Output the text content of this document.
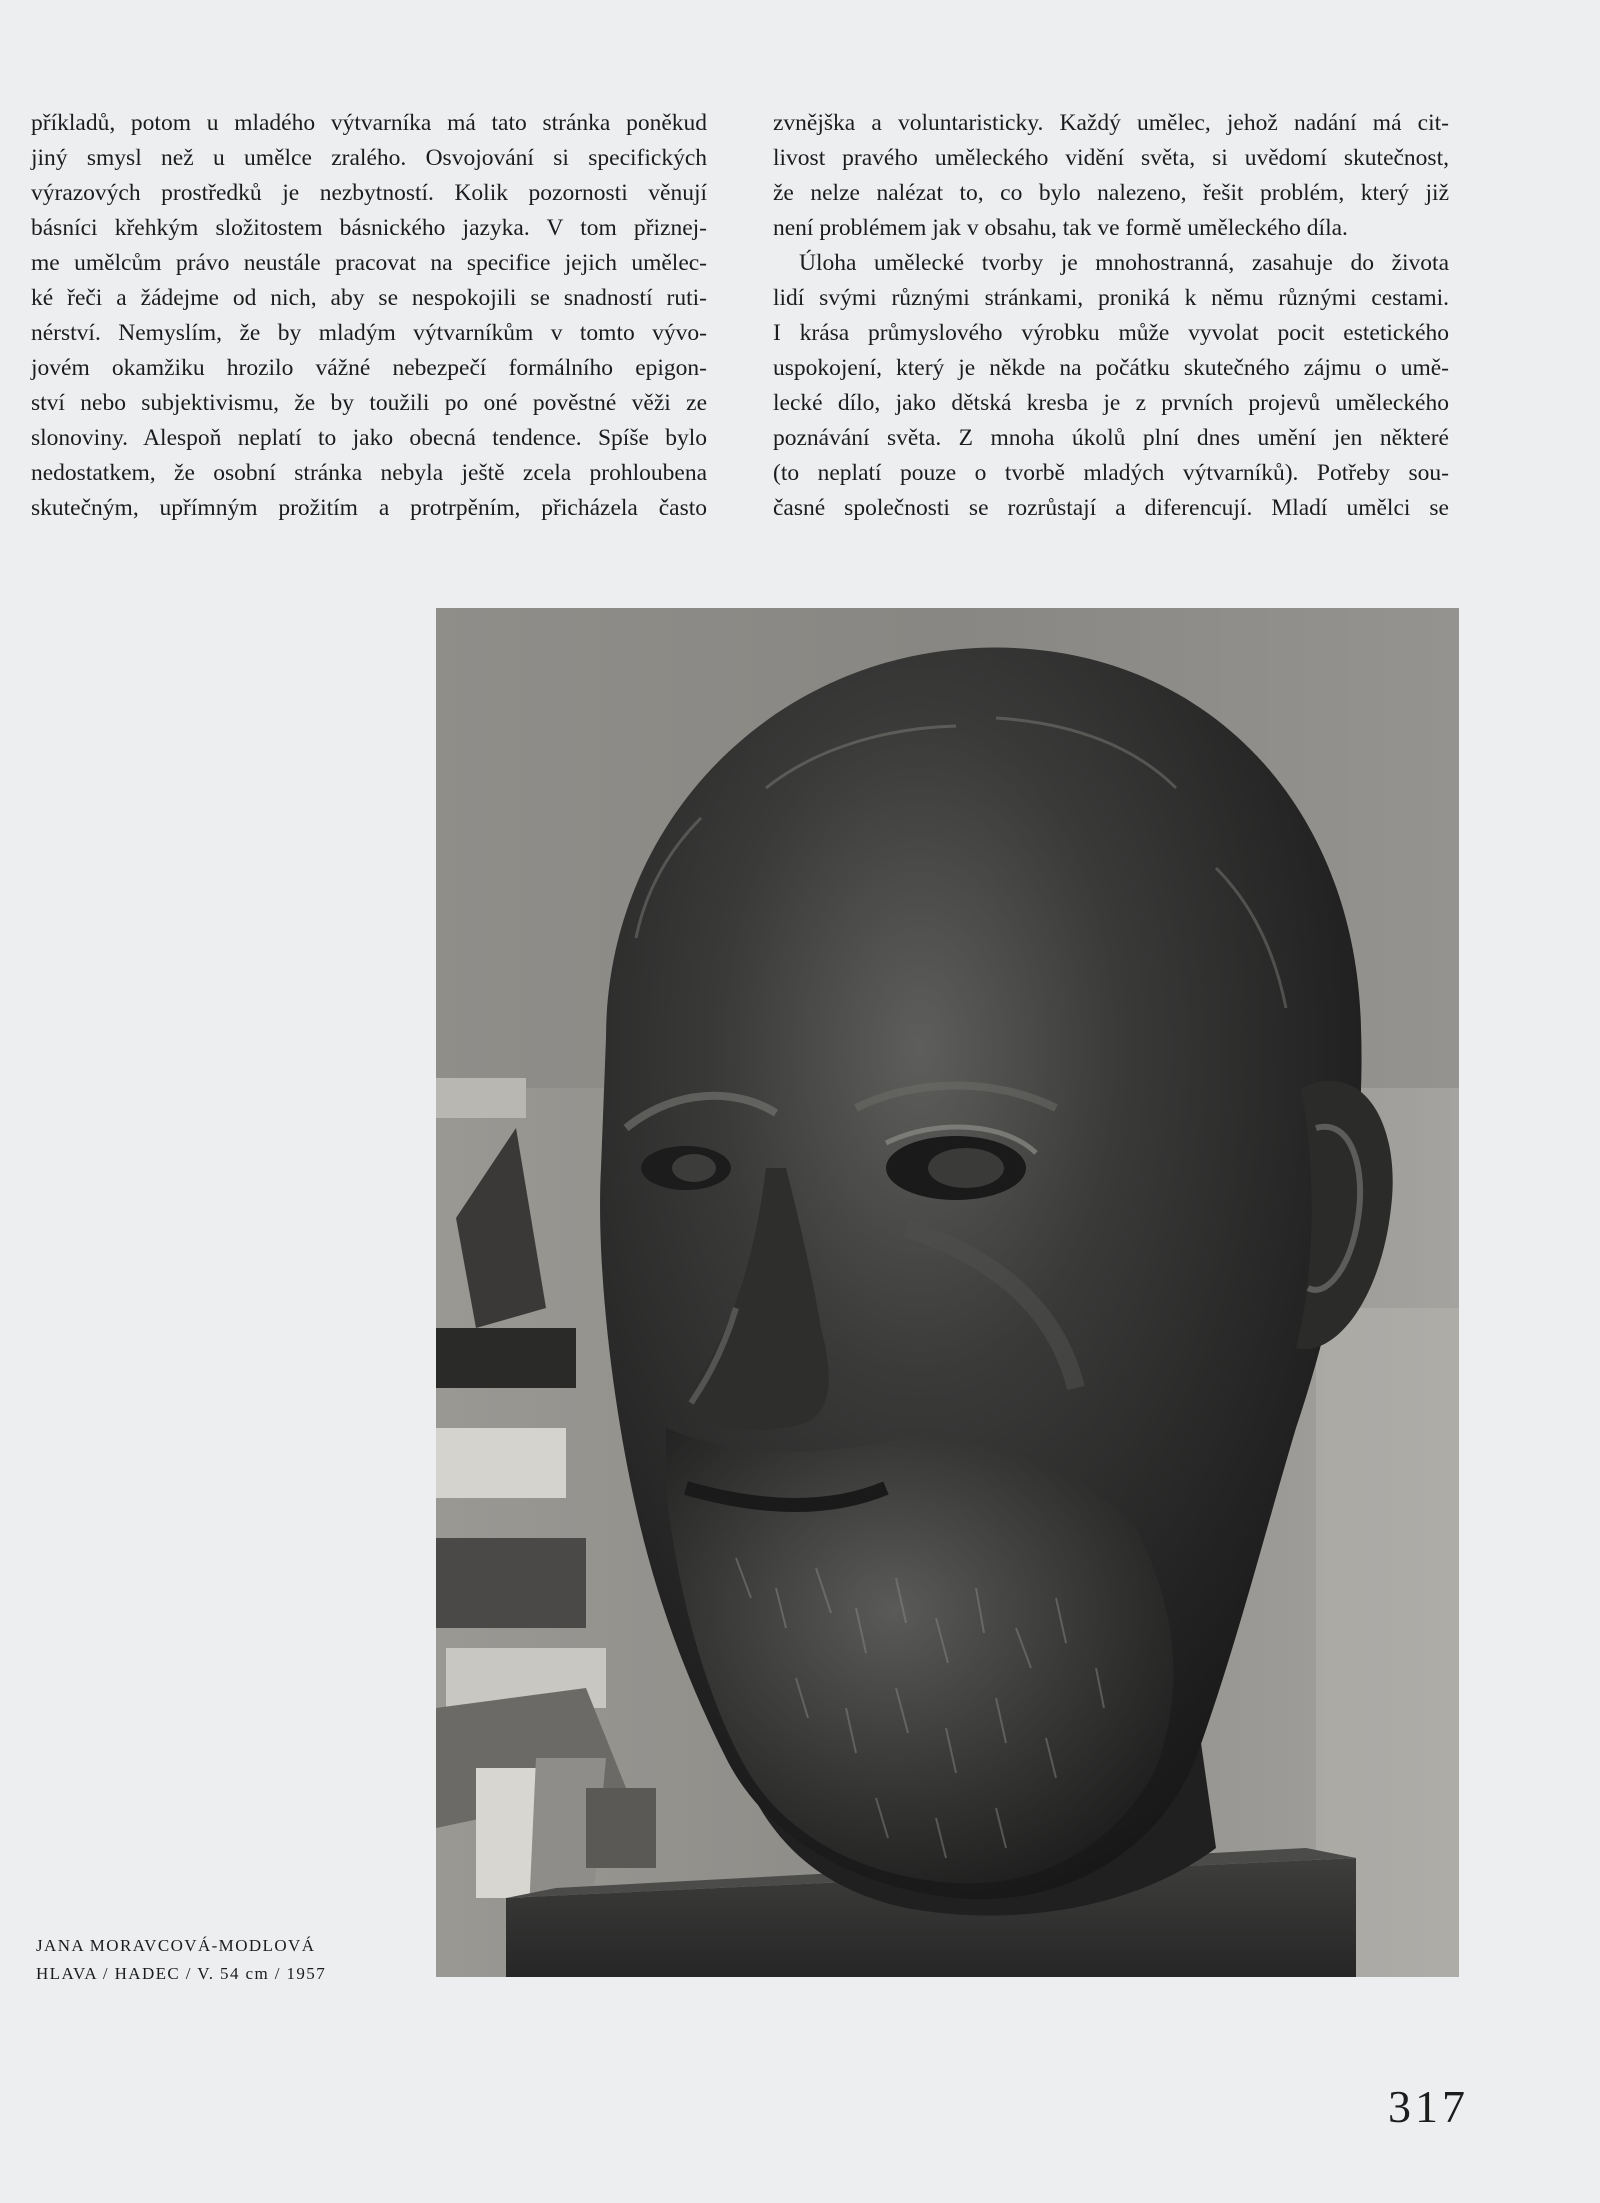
příkladů, potom u mladého výtvarníka má tato stránka poněkud
jiný smysl než u umělce zralého. Osvojování si specifických
výrazových prostředků je nezbytností. Kolik pozornosti věnují
básníci křehkým složitostem básnického jazyka. V tom přiznej-
me umělcům právo neustále pracovat na specifice jejich umělec-
ké řeči a žádejme od nich, aby se nespokojili se snadností ruti-
nérství. Nemyslím, že by mladým výtvarníkům v tomto vývo-
jovém okamžiku hrozilo vážné nebezpečí formálního epigon-
ství nebo subjektivismu, že by toužili po oné pověstné věži ze
slonoviny. Alespoň neplatí to jako obecná tendence. Spíše bylo
nedostatkem, že osobní stránka nebyla ještě zcela prohloubena
skutečným, upřímným prožitím a protrpěním, přicházela často
zvnějška a voluntaristicky. Každý umělec, jehož nadání má cit-
livost pravého uměleckého vidění světa, si uvědomí skutečnost,
že nelze nalézat to, co bylo nalezeno, řešit problém, který již
není problémem jak v obsahu, tak ve formě uměleckého díla.
Úloha umělecké tvorby je mnohostranná, zasahuje do života
lidí svými různými stránkami, proniká k němu různými cestami.
I krása průmyslového výrobku může vyvolat pocit estetického
uspokojení, který je někde na počátku skutečného zájmu o umě-
lecké dílo, jako dětská kresba je z prvních projevů uměleckého
poznávání světa. Z mnoha úkolů plní dnes umění jen některé
(to neplatí pouze o tvorbě mladých výtvarníků). Potřeby sou-
časné společnosti se rozrůstají a diferencují. Mladí umělci se
JANA MORAVCOVÁ-MODLOVÁ
HLAVA / HADEC / V. 54 cm / 1957
317
